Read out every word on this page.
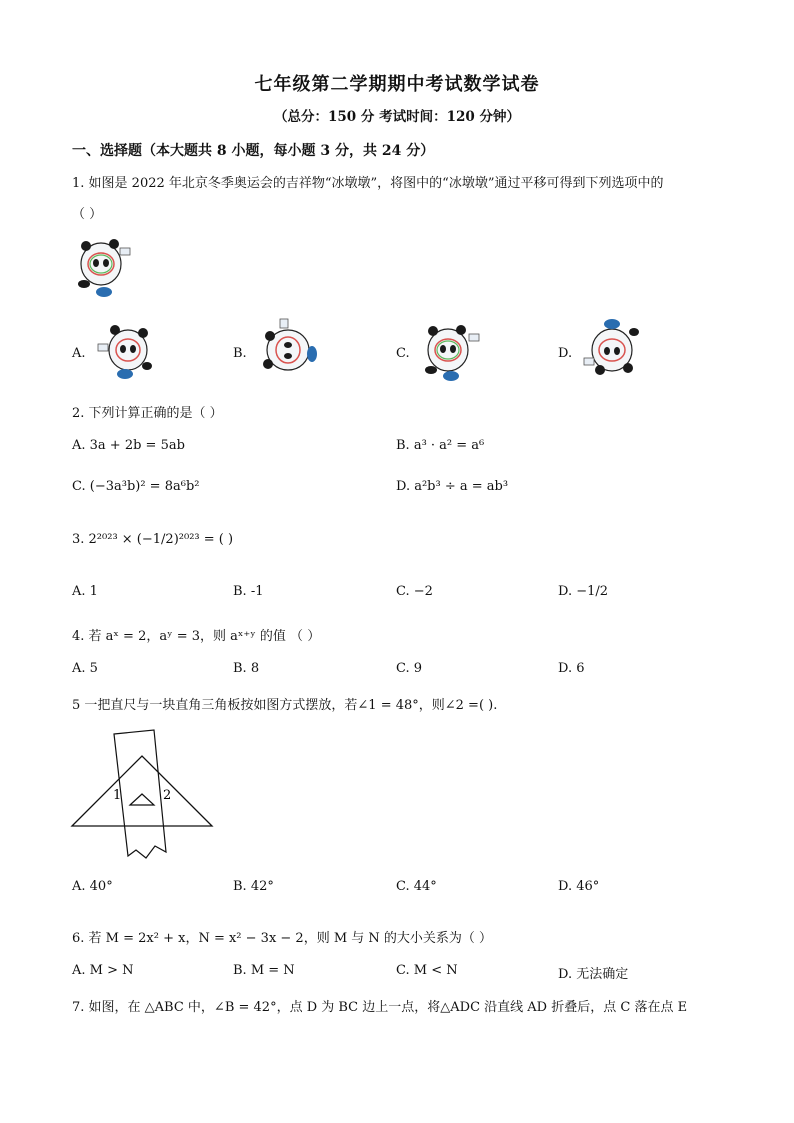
七年级第二学期期中考试数学试卷
（总分：150 分 考试时间：120 分钟）
一、选择题（本大题共 8 小题，每小题 3 分，共 24 分）
1. 如图是 2022 年北京冬季奥运会的吉祥物“冰墩墩”，将图中的“冰墩墩”通过平移可得到下列选项中的
（ ）
A.	B.	C.	D.
2. 下列计算正确的是（ ）
A. 3a + 2b = 5ab	B. a³ · a² = a⁶
C. (−3a³b)² = 8a⁶b²	D. a²b³ ÷ a = ab³
3. 2²⁰²³ × (−1/2)²⁰²³ = ( )
A. 1	B. -1	C. −2	D. −1/2
4. 若 aˣ = 2，aʸ = 3，则 aˣ⁺ʸ 的值 （ ）
A. 5	B. 8	C. 9	D. 6
5 一把直尺与一块直角三角板按如图方式摆放，若∠1 = 48°，则∠2 =( ).
1	2
A. 40°	B. 42°	C. 44°	D. 46°
6. 若 M = 2x² + x，N = x² − 3x − 2，则 M 与 N 的大小关系为（ ）
A. M > N	B. M = N	C. M < N	D. 无法确定
7. 如图，在 △ABC 中，∠B = 42°，点 D 为 BC 边上一点，将△ADC 沿直线 AD 折叠后，点 C 落在点 E
